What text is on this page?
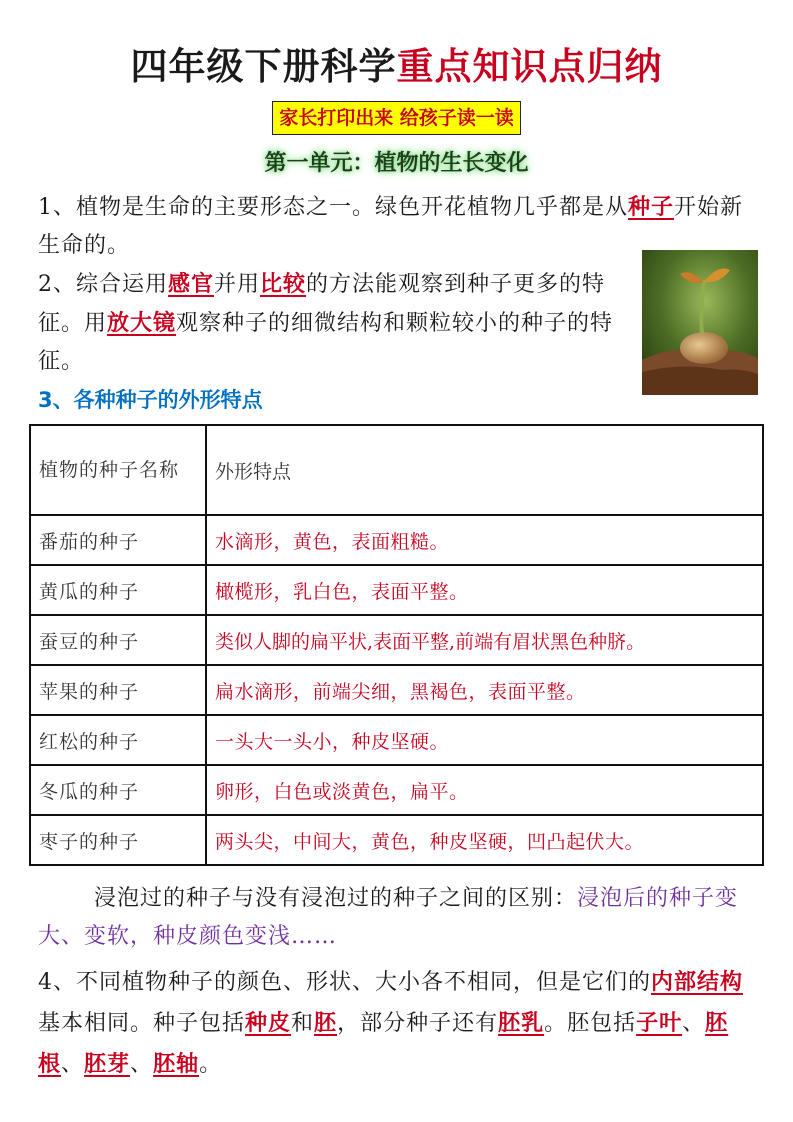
四年级下册科学重点知识点归纳
家长打印出来 给孩子读一读
第一单元：植物的生长变化
1、植物是生命的主要形态之一。绿色开花植物几乎都是从种子开始新生命的。
2、综合运用感官并用比较的方法能观察到种子更多的特征。用放大镜观察种子的细微结构和颗粒较小的种子的特征。
3、各种种子的外形特点
植物的种子名称	外形特点
番茄的种子	水滴形，黄色，表面粗糙。
黄瓜的种子	橄榄形，乳白色，表面平整。
蚕豆的种子	类似人脚的扁平状,表面平整,前端有眉状黑色种脐。
苹果的种子	扁水滴形，前端尖细，黑褐色，表面平整。
红松的种子	一头大一头小，种皮坚硬。
冬瓜的种子	卵形，白色或淡黄色，扁平。
枣子的种子	两头尖，中间大，黄色，种皮坚硬，凹凸起伏大。
浸泡过的种子与没有浸泡过的种子之间的区别：浸泡后的种子变大、变软，种皮颜色变浅……
4、不同植物种子的颜色、形状、大小各不相同，但是它们的内部结构基本相同。种子包括种皮和胚，部分种子还有胚乳。胚包括子叶、胚根、胚芽、胚轴。
